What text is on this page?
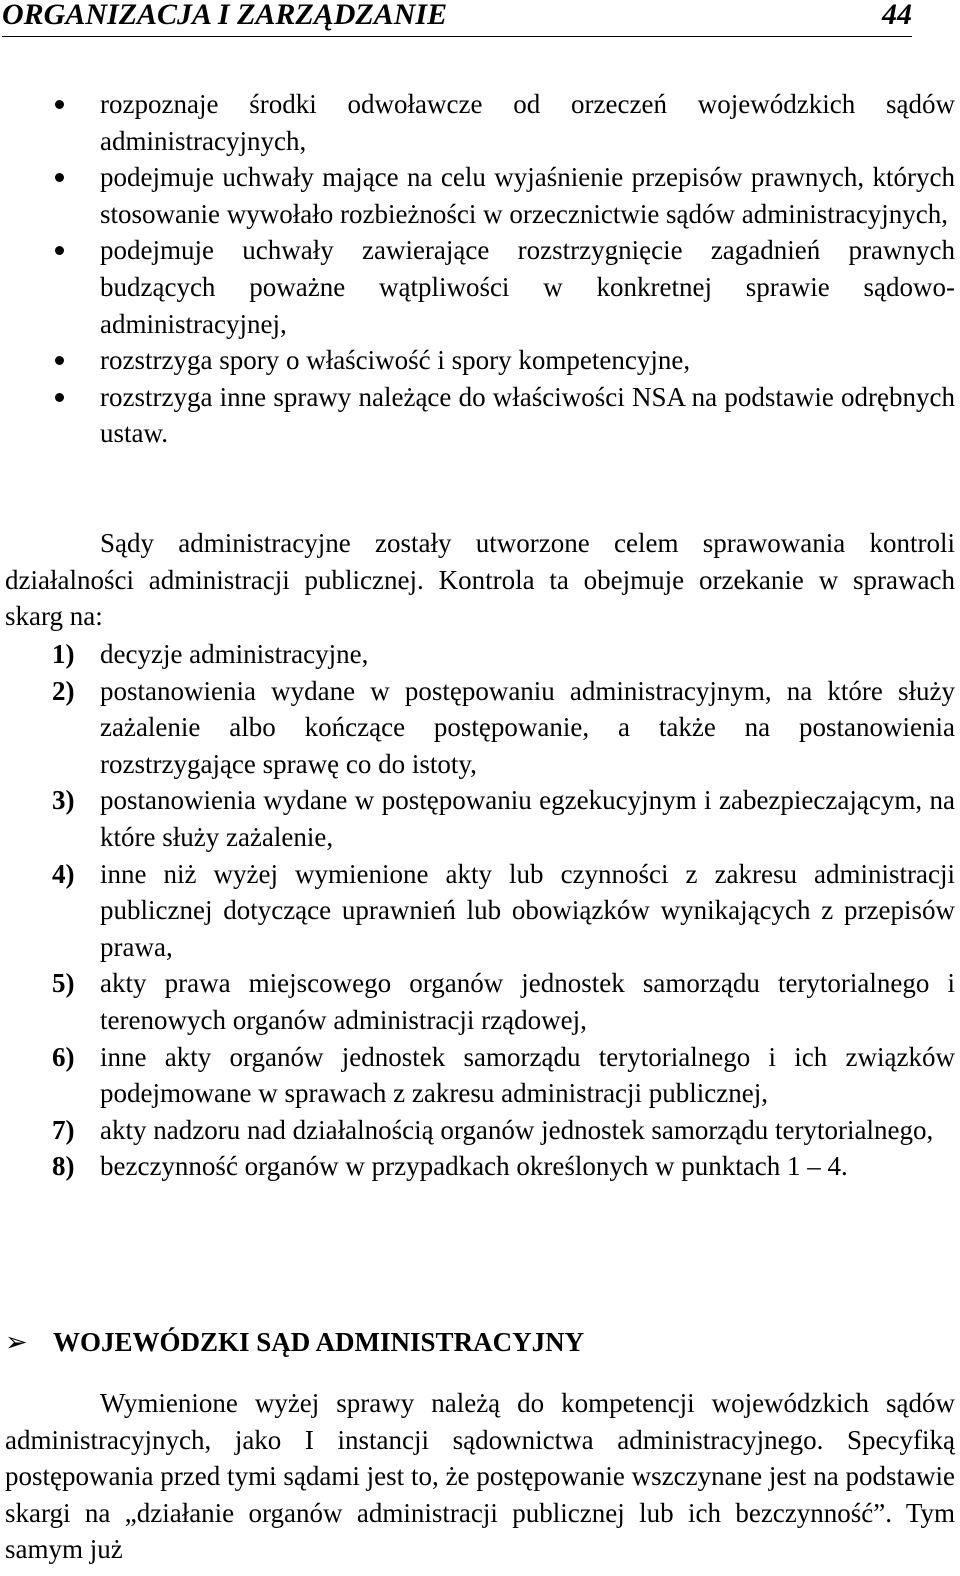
ORGANIZACJA I ZARZĄDZANIE	44
rozpoznaje środki odwoławcze od orzeczeń wojewódzkich sądów administracyjnych,
podejmuje uchwały mające na celu wyjaśnienie przepisów prawnych, których stosowanie wywołało rozbieżności w orzecznictwie sądów administracyjnych,
podejmuje uchwały zawierające rozstrzygnięcie zagadnień prawnych budzących poważne wątpliwości w konkretnej sprawie sądowo-administracyjnej,
rozstrzyga spory o właściwość i spory kompetencyjne,
rozstrzyga inne sprawy należące do właściwości NSA na podstawie odrębnych ustaw.

Sądy administracyjne zostały utworzone celem sprawowania kontroli działalności administracji publicznej. Kontrola ta obejmuje orzekanie w sprawach skarg na:

1) decyzje administracyjne,
2) postanowienia wydane w postępowaniu administracyjnym, na które służy zażalenie albo kończące postępowanie, a także na postanowienia rozstrzygające sprawę co do istoty,
3) postanowienia wydane w postępowaniu egzekucyjnym i zabezpieczającym, na które służy zażalenie,
4) inne niż wyżej wymienione akty lub czynności z zakresu administracji publicznej dotyczące uprawnień lub obowiązków wynikających z przepisów prawa,
5) akty prawa miejscowego organów jednostek samorządu terytorialnego i terenowych organów administracji rządowej,
6) inne akty organów jednostek samorządu terytorialnego i ich związków podejmowane w sprawach z zakresu administracji publicznej,
7) akty nadzoru nad działalnością organów jednostek samorządu terytorialnego,
8) bezczynność organów w przypadkach określonych w punktach 1 – 4.
➢ WOJEWÓDZKI SĄD ADMINISTRACYJNY

Wymienione wyżej sprawy należą do kompetencji wojewódzkich sądów administracyjnych, jako I instancji sądownictwa administracyjnego. Specyfiką postępowania przed tymi sądami jest to, że postępowanie wszczynane jest na podstawie skargi na „działanie organów administracji publicznej lub ich bezczynność”. Tym samym już
